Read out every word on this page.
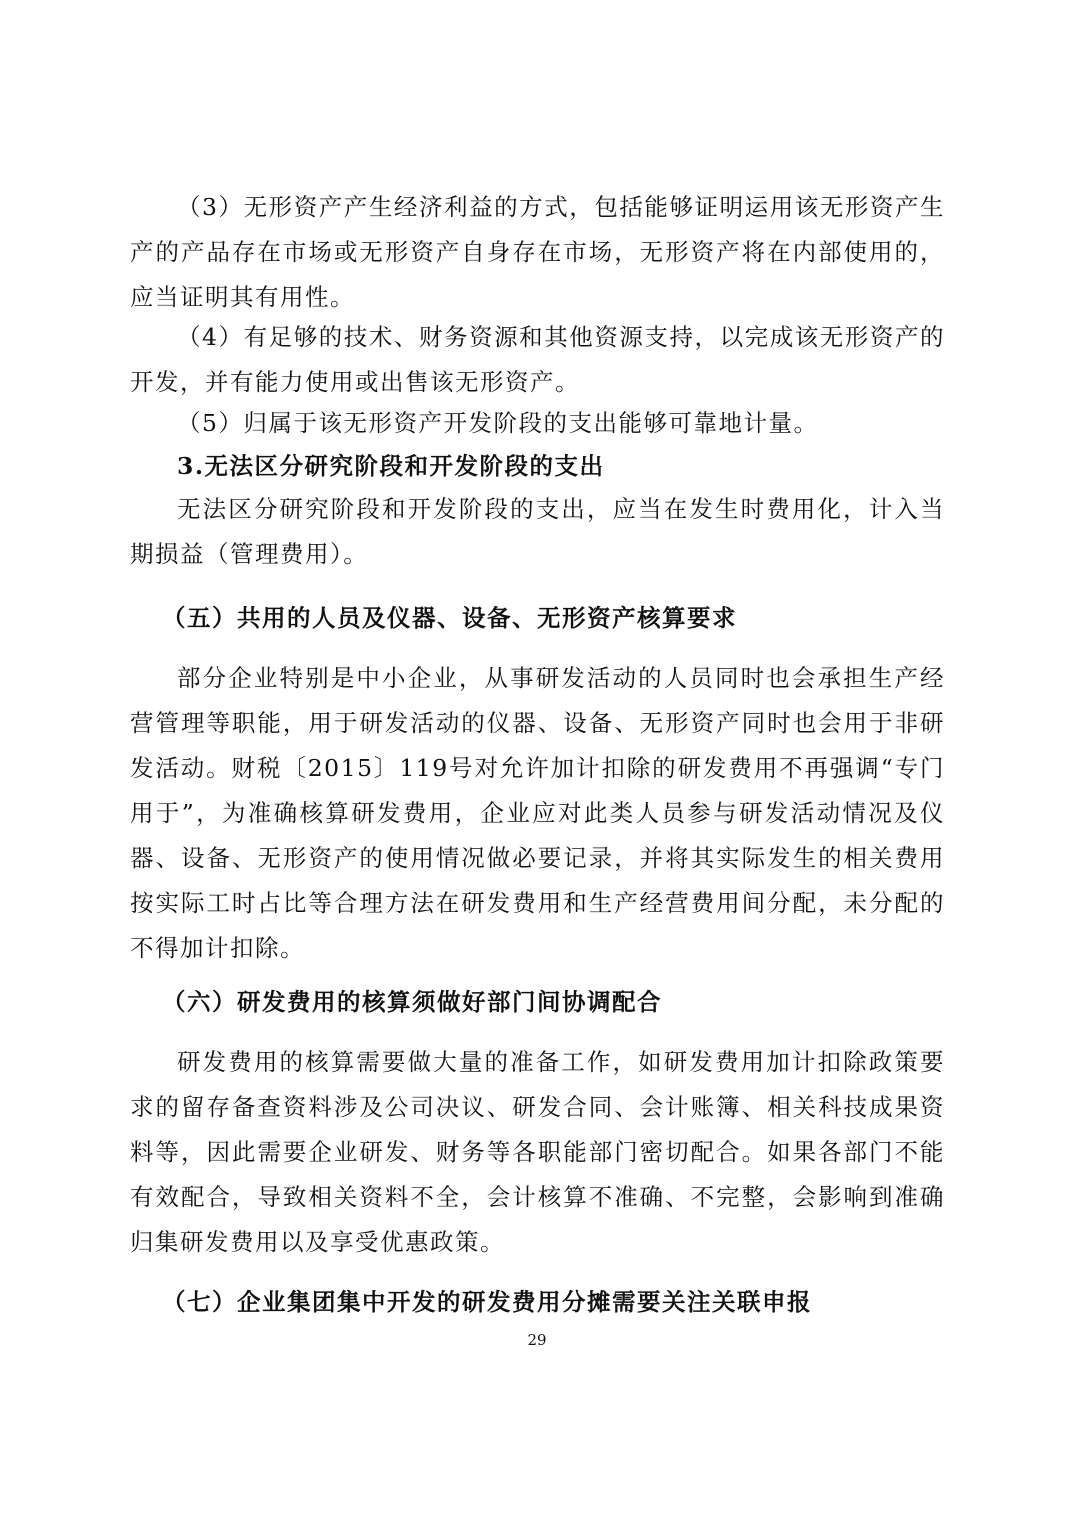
（3）无形资产产生经济利益的方式，包括能够证明运用该无形资产生产的产品存在市场或无形资产自身存在市场，无形资产将在内部使用的，应当证明其有用性。

（4）有足够的技术、财务资源和其他资源支持，以完成该无形资产的开发，并有能力使用或出售该无形资产。

（5）归属于该无形资产开发阶段的支出能够可靠地计量。

3.无法区分研究阶段和开发阶段的支出

无法区分研究阶段和开发阶段的支出，应当在发生时费用化，计入当期损益（管理费用）。

（五）共用的人员及仪器、设备、无形资产核算要求

部分企业特别是中小企业，从事研发活动的人员同时也会承担生产经营管理等职能，用于研发活动的仪器、设备、无形资产同时也会用于非研发活动。财税〔2015〕119号对允许加计扣除的研发费用不再强调“专门用于”，为准确核算研发费用，企业应对此类人员参与研发活动情况及仪器、设备、无形资产的使用情况做必要记录，并将其实际发生的相关费用按实际工时占比等合理方法在研发费用和生产经营费用间分配，未分配的不得加计扣除。

（六）研发费用的核算须做好部门间协调配合

研发费用的核算需要做大量的准备工作，如研发费用加计扣除政策要求的留存备查资料涉及公司决议、研发合同、会计账簿、相关科技成果资料等，因此需要企业研发、财务等各职能部门密切配合。如果各部门不能有效配合，导致相关资料不全，会计核算不准确、不完整，会影响到准确归集研发费用以及享受优惠政策。

（七）企业集团集中开发的研发费用分摊需要关注关联申报

29
